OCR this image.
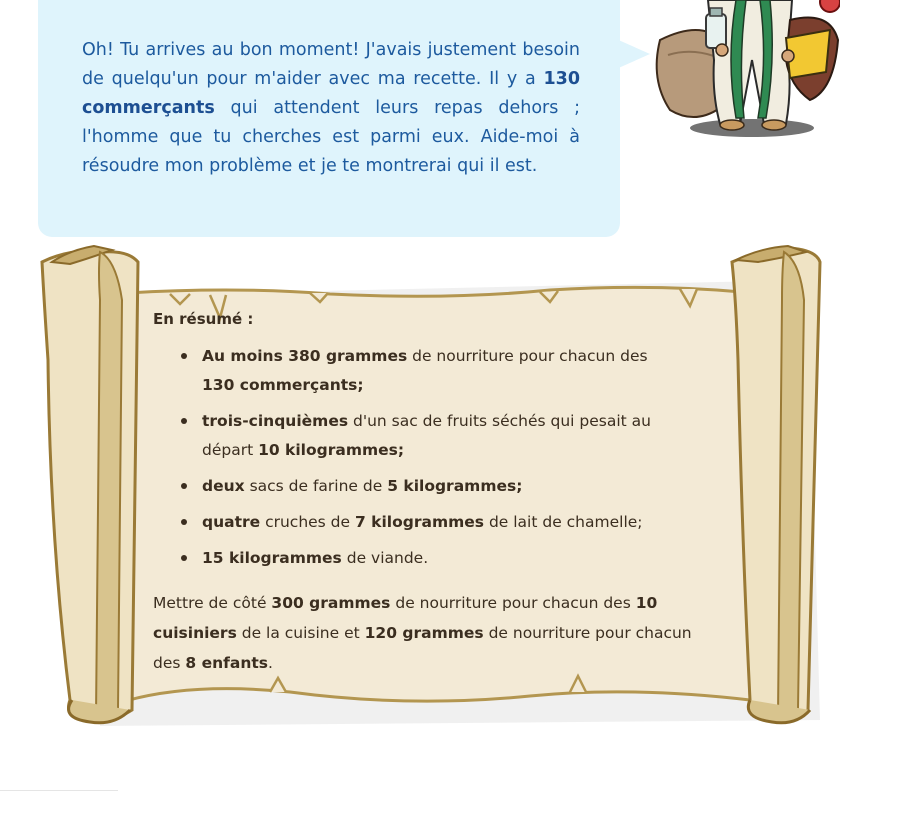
Oh! Tu arrives au bon moment! J'avais justement besoin de quelqu'un pour m'aider avec ma recette. Il y a 130 commerçants qui attendent leurs repas dehors ; l'homme que tu cherches est parmi eux. Aide-moi à résoudre mon problème et je te montrerai qui il est.

En résumé :
Au moins 380 grammes de nourriture pour chacun des 130 commerçants;
trois-cinquièmes d'un sac de fruits séchés qui pesait au départ 10 kilogrammes;
deux sacs de farine de 5 kilogrammes;
quatre cruches de 7 kilogrammes de lait de chamelle;
15 kilogrammes de viande.

Mettre de côté 300 grammes de nourriture pour chacun des 10 cuisiniers de la cuisine et 120 grammes de nourriture pour chacun des 8 enfants.
